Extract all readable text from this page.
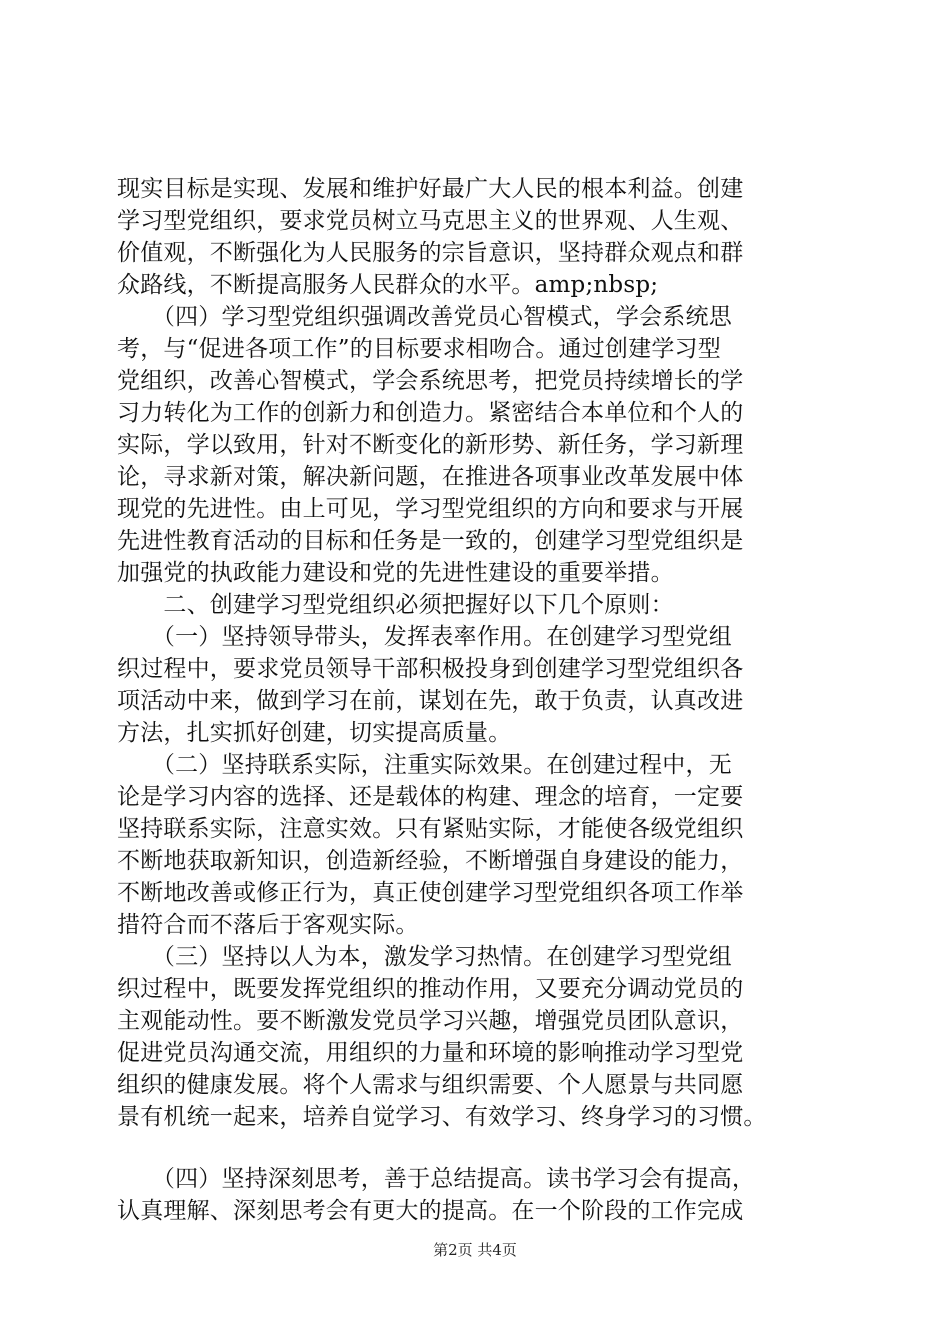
现实目标是实现、发展和维护好最广大人民的根本利益。创建
学习型党组织，要求党员树立马克思主义的世界观、人生观、
价值观，不断强化为人民服务的宗旨意识，坚持群众观点和群
众路线，不断提高服务人民群众的水平。amp;nbsp;
　　（四）学习型党组织强调改善党员心智模式，学会系统思
考，与“促进各项工作”的目标要求相吻合。通过创建学习型
党组织，改善心智模式，学会系统思考，把党员持续增长的学
习力转化为工作的创新力和创造力。紧密结合本单位和个人的
实际，学以致用，针对不断变化的新形势、新任务，学习新理
论，寻求新对策，解决新问题，在推进各项事业改革发展中体
现党的先进性。由上可见，学习型党组织的方向和要求与开展
先进性教育活动的目标和任务是一致的，创建学习型党组织是
加强党的执政能力建设和党的先进性建设的重要举措。
　　二、创建学习型党组织必须把握好以下几个原则：
　　（一）坚持领导带头，发挥表率作用。在创建学习型党组
织过程中，要求党员领导干部积极投身到创建学习型党组织各
项活动中来，做到学习在前，谋划在先，敢于负责，认真改进
方法，扎实抓好创建，切实提高质量。
　　（二）坚持联系实际，注重实际效果。在创建过程中，无
论是学习内容的选择、还是载体的构建、理念的培育，一定要
坚持联系实际，注意实效。只有紧贴实际，才能使各级党组织
不断地获取新知识，创造新经验，不断增强自身建设的能力，
不断地改善或修正行为，真正使创建学习型党组织各项工作举
措符合而不落后于客观实际。
　　（三）坚持以人为本，激发学习热情。在创建学习型党组
织过程中，既要发挥党组织的推动作用，又要充分调动党员的
主观能动性。要不断激发党员学习兴趣，增强党员团队意识，
促进党员沟通交流，用组织的力量和环境的影响推动学习型党
组织的健康发展。将个人需求与组织需要、个人愿景与共同愿
景有机统一起来，培养自觉学习、有效学习、终身学习的习惯。
　　（四）坚持深刻思考，善于总结提高。读书学习会有提高，
认真理解、深刻思考会有更大的提高。在一个阶段的工作完成
第2页 共4页
